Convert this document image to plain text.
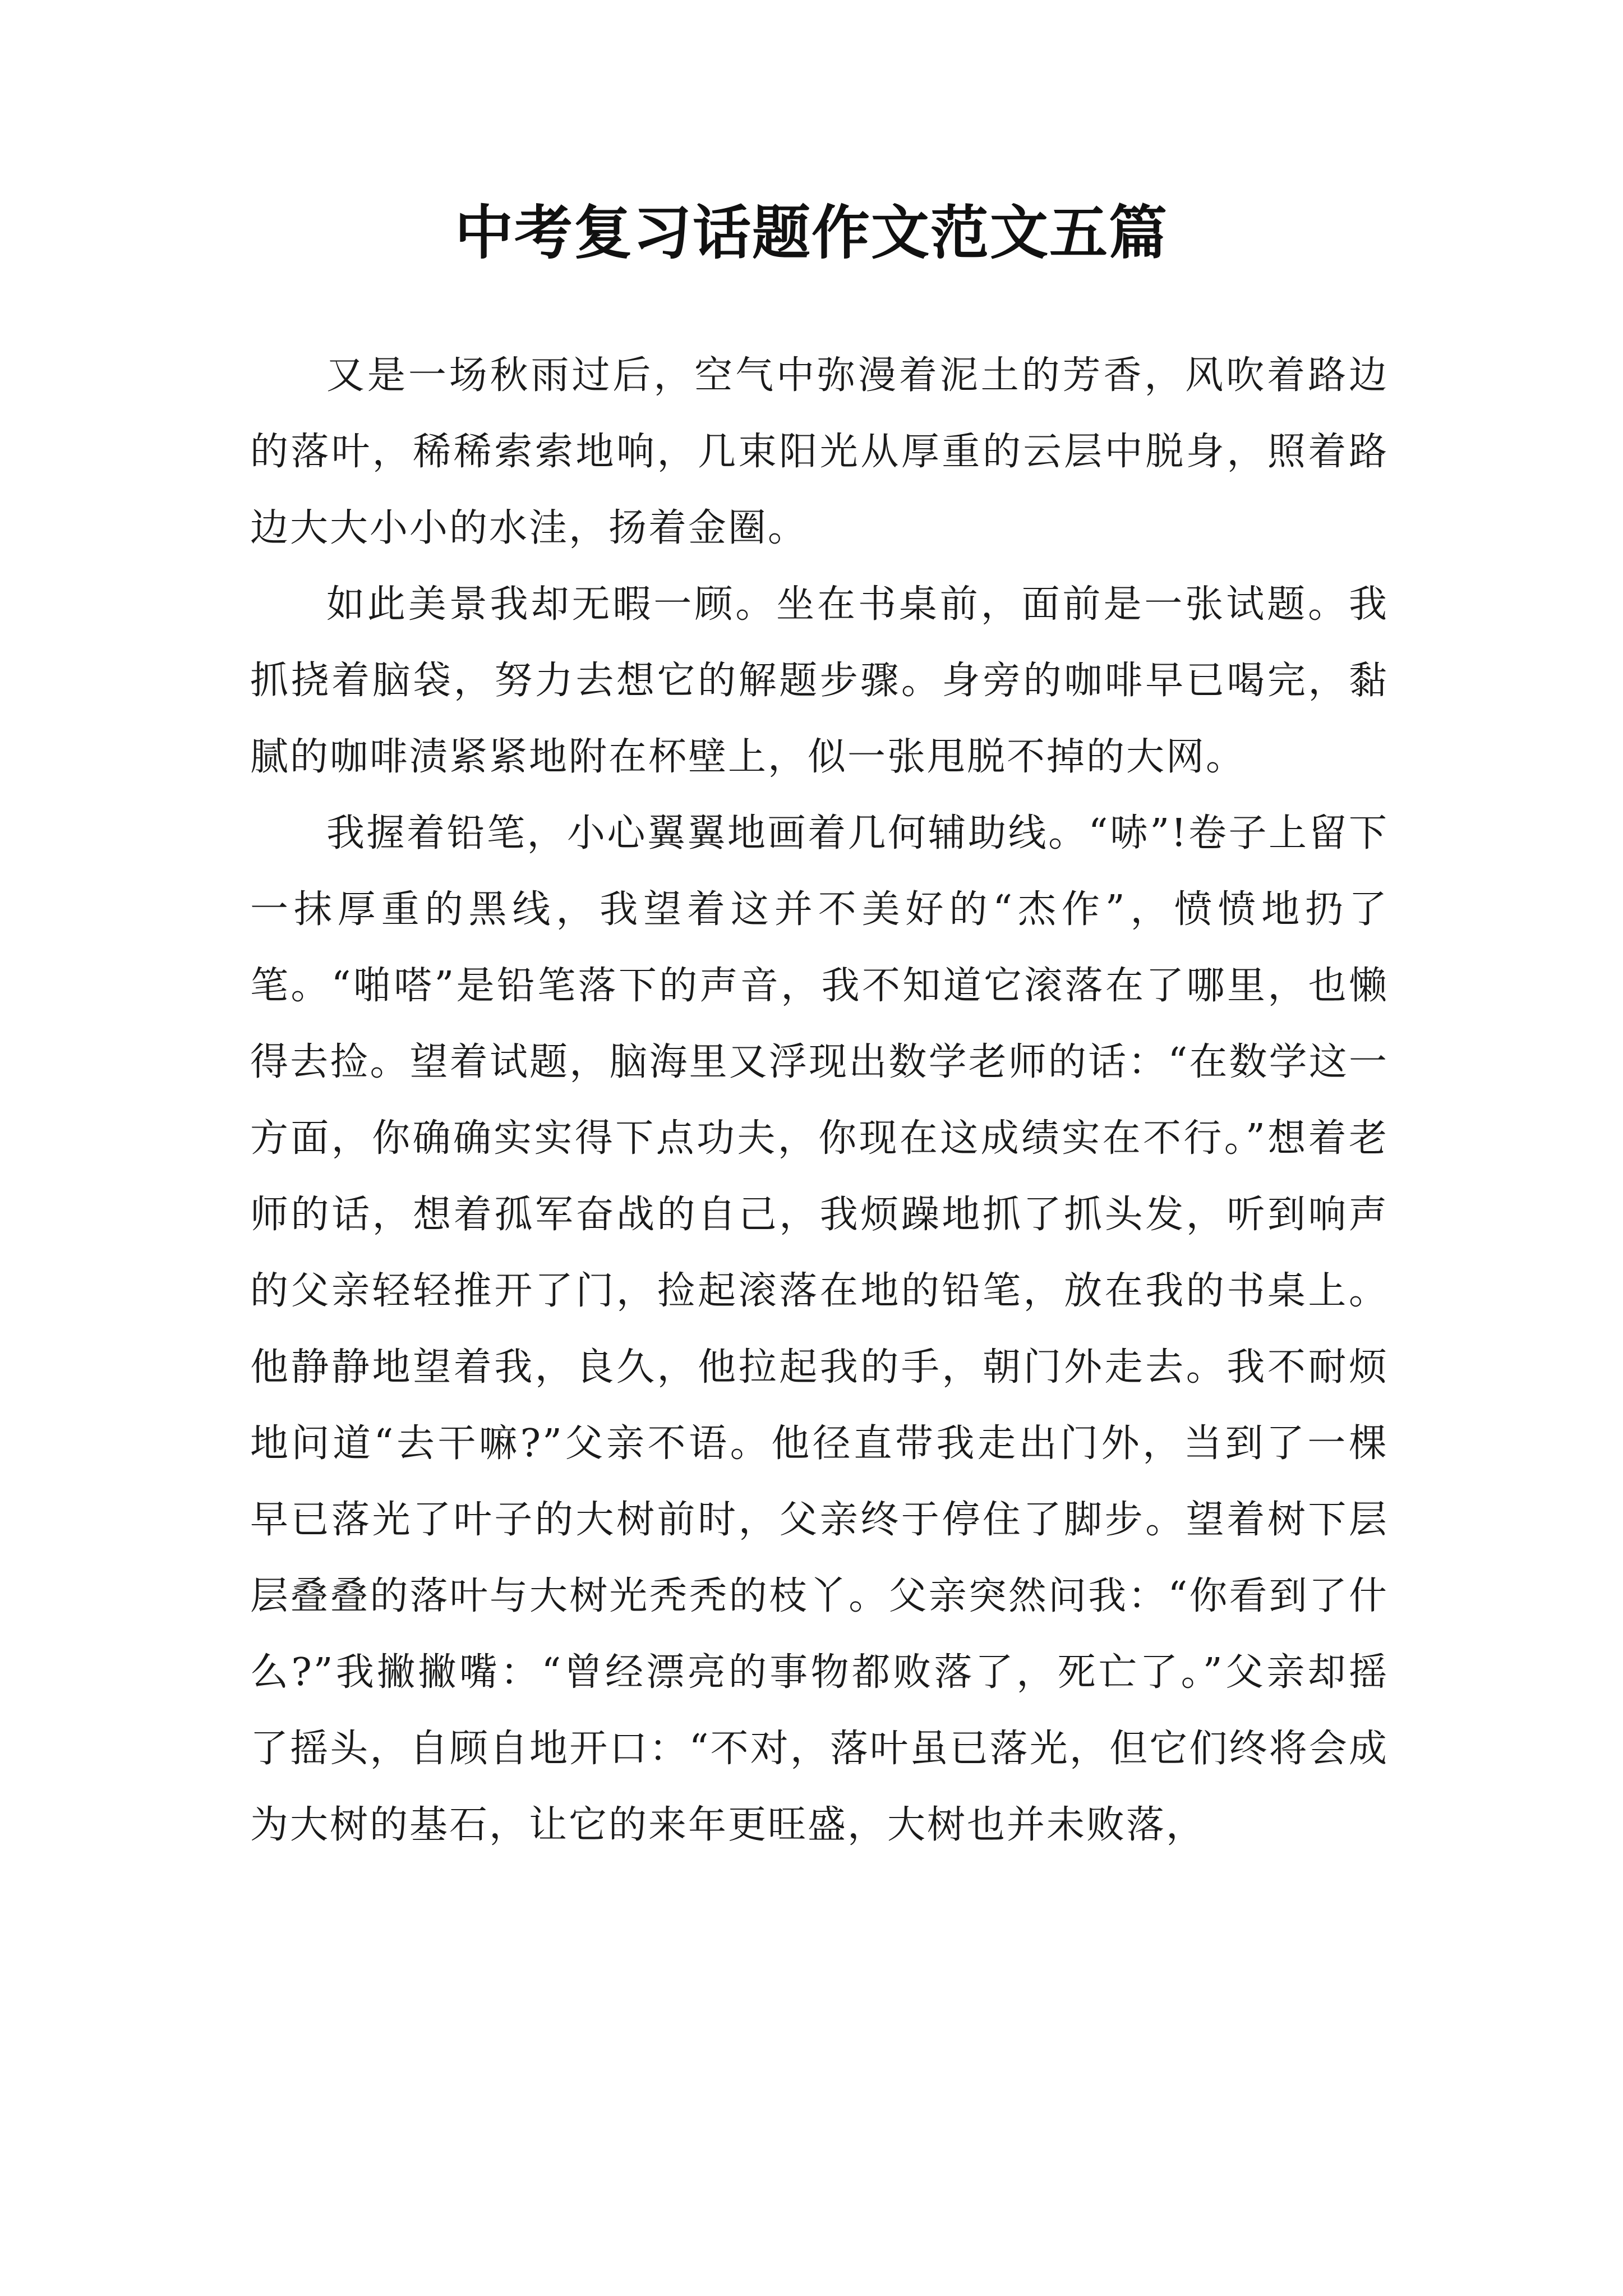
中考复习话题作文范文五篇

又是一场秋雨过后，空气中弥漫着泥土的芳香，风吹着路边的落叶，稀稀索索地响，几束阳光从厚重的云层中脱身，照着路边大大小小的水洼，扬着金圈。

如此美景我却无暇一顾。坐在书桌前，面前是一张试题。我抓挠着脑袋，努力去想它的解题步骤。身旁的咖啡早已喝完，黏腻的咖啡渍紧紧地附在杯壁上，似一张甩脱不掉的大网。

我握着铅笔，小心翼翼地画着几何辅助线。“哧”!卷子上留下一抹厚重的黑线，我望着这并不美好的“杰作”，愤愤地扔了笔。“啪嗒”是铅笔落下的声音，我不知道它滚落在了哪里，也懒得去捡。望着试题，脑海里又浮现出数学老师的话：“在数学这一方面，你确确实实得下点功夫，你现在这成绩实在不行。”想着老师的话，想着孤军奋战的自己，我烦躁地抓了抓头发，听到响声的父亲轻轻推开了门，捡起滚落在地的铅笔，放在我的书桌上。他静静地望着我，良久，他拉起我的手，朝门外走去。我不耐烦地问道“去干嘛?”父亲不语。他径直带我走出门外，当到了一棵早已落光了叶子的大树前时，父亲终于停住了脚步。望着树下层层叠叠的落叶与大树光秃秃的枝丫。父亲突然问我：“你看到了什么?”我撇撇嘴：“曾经漂亮的事物都败落了，死亡了。”父亲却摇了摇头，自顾自地开口：“不对，落叶虽已落光，但它们终将会成为大树的基石，让它的来年更旺盛，大树也并未败落，
